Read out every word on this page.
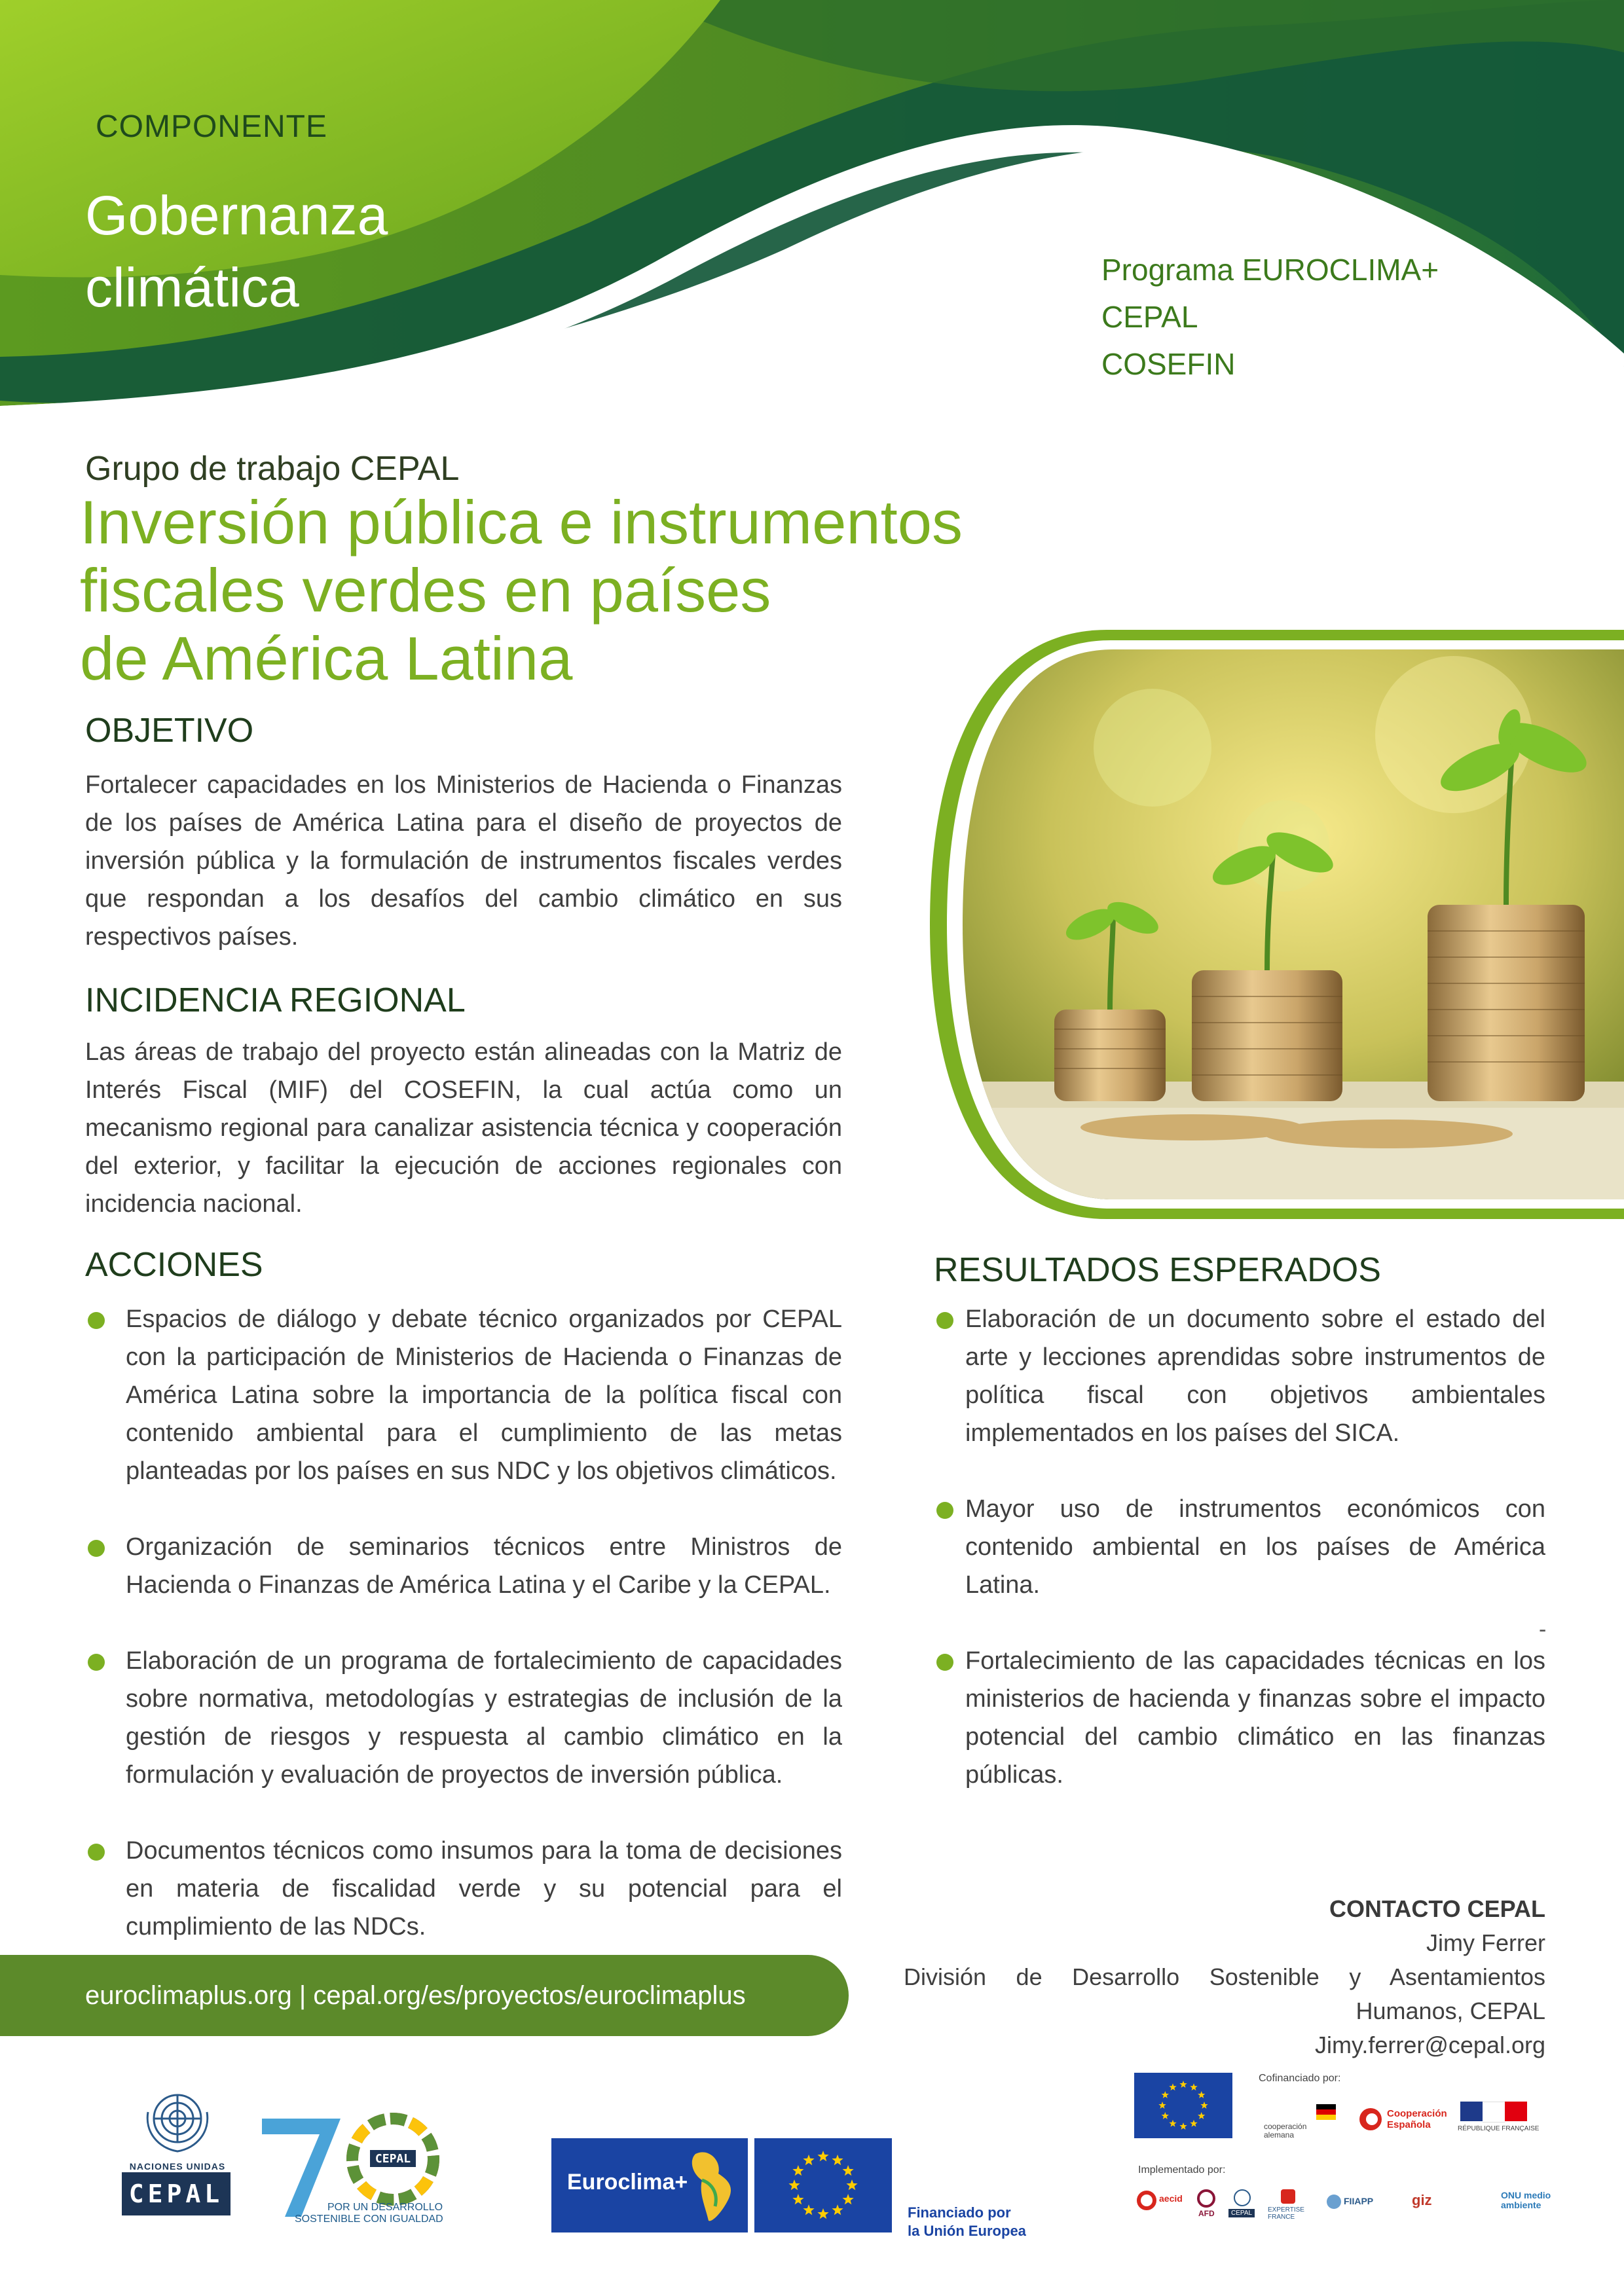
COMPONENTE
Gobernanza
climática	Programa EUROCLIMA+
CEPAL
COSEFIN
Grupo de trabajo CEPAL
Inversión pública e instrumentos
fiscales verdes en países
de América Latina
OBJETIVO
Fortalecer capacidades en los Ministerios de Hacienda o Finanzas de los países de América Latina para el diseño de proyectos de inversión pública y la formulación de instrumentos fiscales verdes que respondan a los desafíos del cambio climático en sus respectivos países.
INCIDENCIA REGIONAL
Las áreas de trabajo del proyecto están alineadas con la Matriz de Interés Fiscal (MIF) del COSEFIN, la cual actúa como un mecanismo regional para canalizar asistencia técnica y cooperación del exterior, y facilitar la ejecución de acciones regionales con incidencia nacional.
ACCIONES
Espacios de diálogo y debate técnico organizados por CEPAL con la participación de Ministerios de Hacienda o Finanzas de América Latina sobre la importancia de la política fiscal con contenido ambiental para el cumplimiento de las metas planteadas por los países en sus NDC y los objetivos climáticos.
Organización de seminarios técnicos entre Ministros de Hacienda o Finanzas de América Latina y el Caribe y la CEPAL.
Elaboración de un programa de fortalecimiento de capacidades sobre normativa, metodologías y estrategias de inclusión de la gestión de riesgos y respuesta al cambio climático en la formulación y evaluación de proyectos de inversión pública.
Documentos técnicos como insumos para la toma de decisiones en materia de fiscalidad verde y su potencial para el cumplimiento de las NDCs.
RESULTADOS ESPERADOS
Elaboración de un documento sobre el estado del arte y lecciones aprendidas sobre instrumentos de política fiscal con objetivos ambientales implementados en los países del SICA.
Mayor uso de instrumentos económicos con contenido ambiental en los países de América Latina.
Fortalecimiento de las capacidades técnicas en los ministerios de hacienda y finanzas sobre el impacto potencial del cambio climático en las finanzas públicas.
-
euroclimaplus.org | cepal.org/es/proyectos/euroclimaplus
CONTACTO CEPAL
Jimy Ferrer
División de Desarrollo Sostenible y Asentamientos
Humanos, CEPAL
Jimy.ferrer@cepal.org
NACIONES UNIDAS
CEPAL
CEPAL
POR UN DESARROLLO
SOSTENIBLE CON IGUALDAD
Euroclima+
Financiado por
la Unión Europea
Cofinanciado por:
cooperación alemana
Cooperación Española	RÉPUBLIQUE FRANÇAISE
Implementado por:
aecid
AFD	CEPAL	EXPERTISE FRANCE
FIIAPP	giz	ONU medio ambiente
